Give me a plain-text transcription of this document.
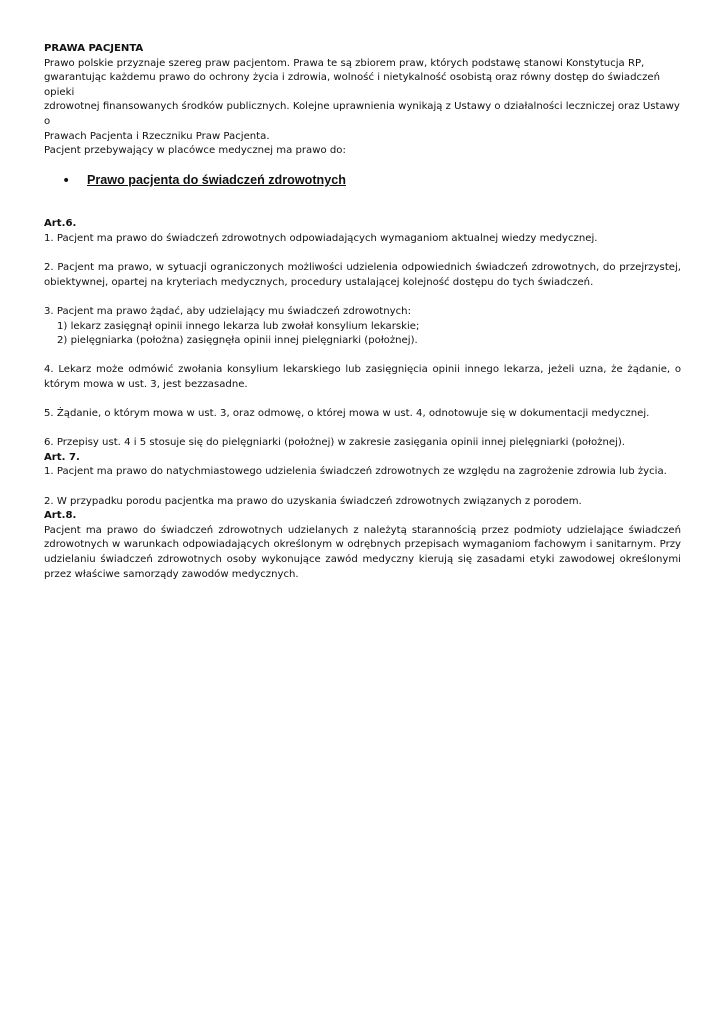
PRAWA PACJENTA

Prawo polskie przyznaje szereg praw pacjentom. Prawa te są zbiorem praw, których podstawę stanowi Konstytucja RP,

gwarantując każdemu prawo do ochrony życia i zdrowia, wolność i nietykalność osobistą oraz równy dostęp do świadczeń opieki

zdrowotnej finansowanych środków publicznych. Kolejne uprawnienia wynikają z Ustawy o działalności leczniczej oraz Ustawy o

Prawach Pacjenta i Rzeczniku Praw Pacjenta.

Pacjent przebywający w placówce medycznej ma prawo do:

• Prawo pacjenta do świadczeń zdrowotnych

Art.6.

1. Pacjent ma prawo do świadczeń zdrowotnych odpowiadających wymaganiom aktualnej wiedzy medycznej.

2. Pacjent ma prawo, w sytuacji ograniczonych możliwości udzielenia odpowiednich świadczeń zdrowotnych, do przejrzystej, obiektywnej, opartej na kryteriach medycznych, procedury ustalającej kolejność dostępu do tych świadczeń.

3. Pacjent ma prawo żądać, aby udzielający mu świadczeń zdrowotnych:

1) lekarz zasięgnął opinii innego lekarza lub zwołał konsylium lekarskie;

2) pielęgniarka (położna) zasięgnęła opinii innej pielęgniarki (położnej).

4. Lekarz może odmówić zwołania konsylium lekarskiego lub zasięgnięcia opinii innego lekarza, jeżeli uzna, że żądanie, o którym mowa w ust. 3, jest bezzasadne.

5. Żądanie, o którym mowa w ust. 3, oraz odmowę, o której mowa w ust. 4, odnotowuje się w dokumentacji medycznej.

6. Przepisy ust. 4 i 5 stosuje się do pielęgniarki (położnej) w zakresie zasięgania opinii innej pielęgniarki (położnej).

Art. 7.

1. Pacjent ma prawo do natychmiastowego udzielenia świadczeń zdrowotnych ze względu na zagrożenie zdrowia lub życia.

2. W przypadku porodu pacjentka ma prawo do uzyskania świadczeń zdrowotnych związanych z porodem.

Art.8.

Pacjent ma prawo do świadczeń zdrowotnych udzielanych z należytą starannością przez podmioty udzielające świadczeń zdrowotnych w warunkach odpowiadających określonym w odrębnych przepisach wymaganiom fachowym i sanitarnym. Przy udzielaniu świadczeń zdrowotnych osoby wykonujące zawód medyczny kierują się zasadami etyki zawodowej określonymi przez właściwe samorządy zawodów medycznych.
